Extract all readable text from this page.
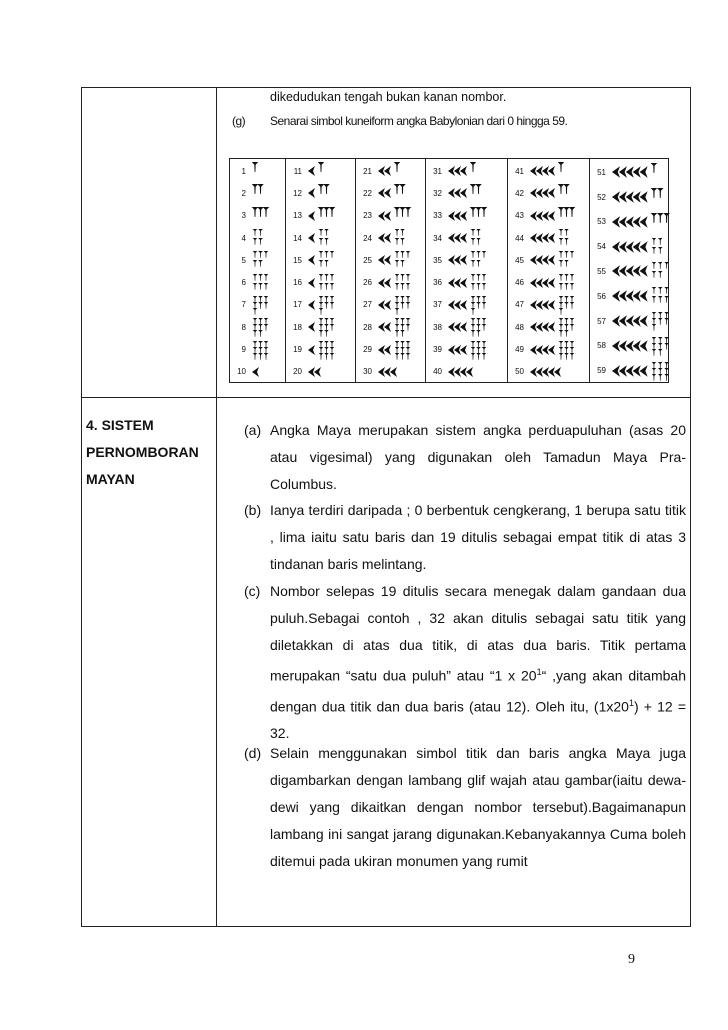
dikedudukan tengah bukan kanan nombor.
(g) Senarai simbol kuneiform angka Babylonian dari 0 hingga 59.
1
2
3
4
5
6
7
8
9
10
11
12
13
14
15
16
17
18
19
20
21
22
23
24
25
26
27
28
29
30
31
32
33
34
35
36
37
38
39
40
41
42
43
44
45
46
47
48
49
50
51
52
53
54
55
56
57
58
59
4. SISTEM
PERNOMBORAN
MAYAN
(a) Angka Maya merupakan sistem angka perduapuluhan (asas 20 atau vigesimal) yang digunakan oleh Tamadun Maya Pra-Columbus.
(b) Ianya terdiri daripada ; 0 berbentuk cengkerang, 1 berupa satu titik , lima iaitu satu baris dan 19 ditulis sebagai empat titik di atas 3 tindanan baris melintang.
(c) Nombor selepas 19 ditulis secara menegak dalam gandaan dua puluh.Sebagai contoh , 32 akan ditulis sebagai satu titik yang diletakkan di atas dua titik, di atas dua baris. Titik pertama merupakan “satu dua puluh” atau “1 x $20^1“$ ,yang akan ditambah dengan dua titik dan dua baris (atau 12). Oleh itu, $(1x20^1) + 12 = 32$.
(d) Selain menggunakan simbol titik dan baris angka Maya juga digambarkan dengan lambang glif wajah atau gambar(iaitu dewa-dewi yang dikaitkan dengan nombor tersebut).Bagaimanapun lambang ini sangat jarang digunakan.Kebanyakannya Cuma boleh ditemui pada ukiran monumen yang rumit
9
